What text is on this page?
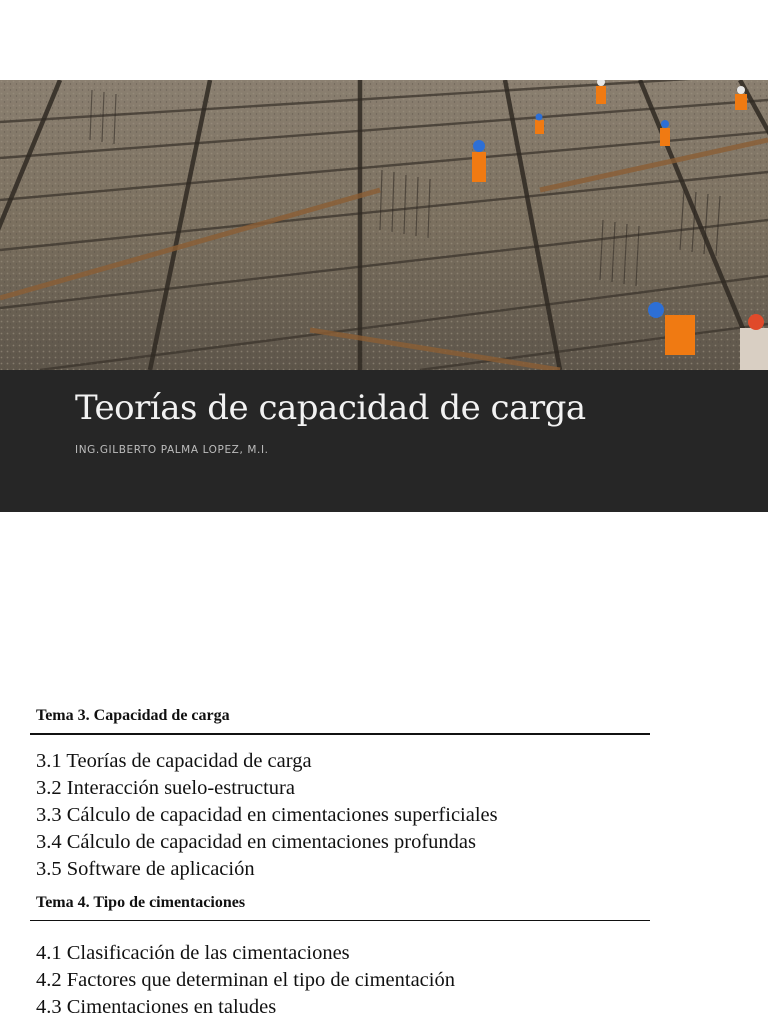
Teorías de capacidad de carga

ING.GILBERTO PALMA LOPEZ, M.I.

Tema 3. Capacidad de carga
3.1 Teorías de capacidad de carga
3.2 Interacción suelo-estructura
3.3 Cálculo de capacidad en cimentaciones superficiales
3.4 Cálculo de capacidad en cimentaciones profundas
3.5 Software de aplicación
Tema 4. Tipo de cimentaciones
4.1 Clasificación de las cimentaciones
4.2 Factores que determinan el tipo de cimentación
4.3 Cimentaciones en taludes
